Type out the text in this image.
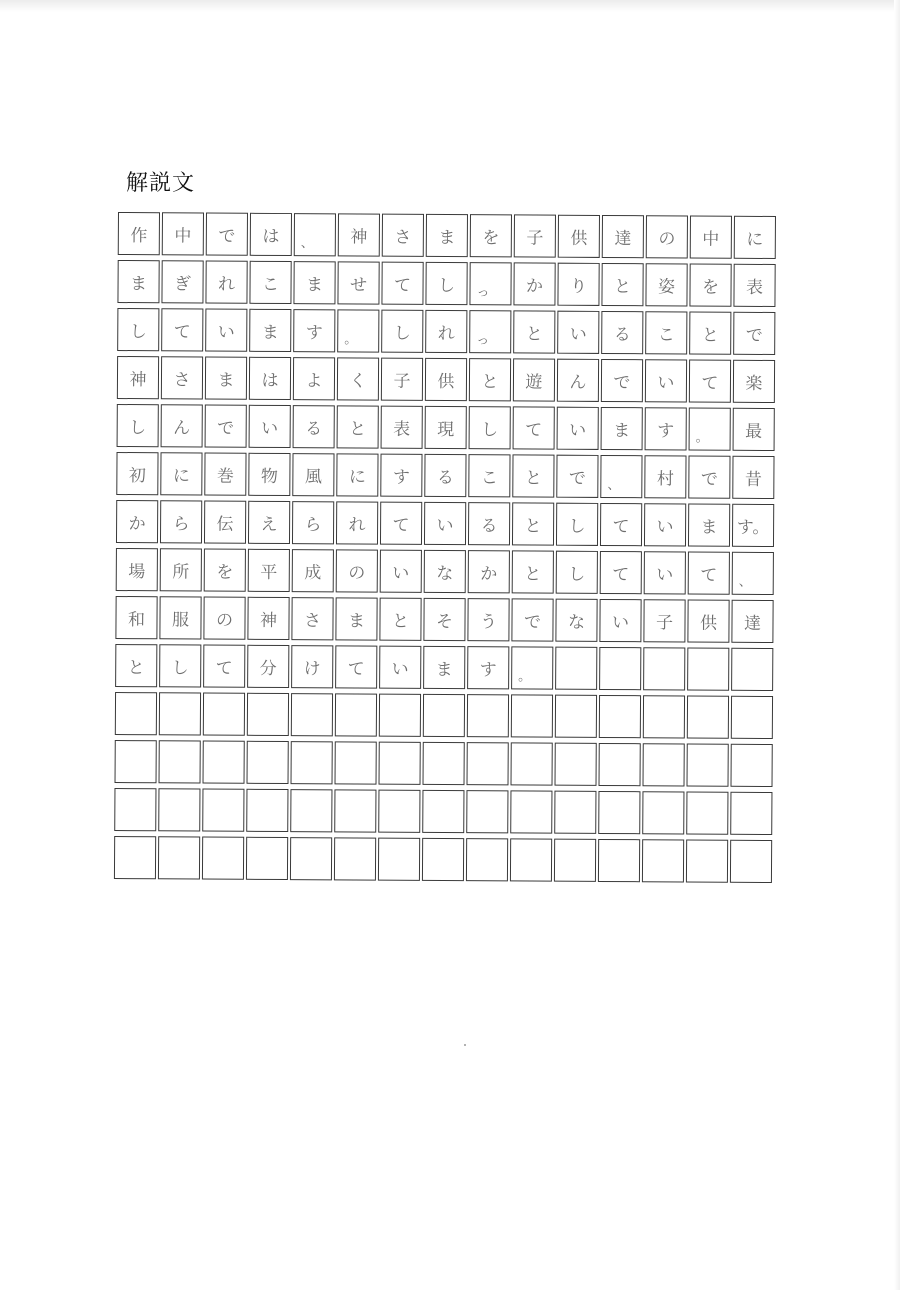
解説文
作	中	で	は	、	神	さ	ま	を	子	供	達	の	中	に
ま	ぎ	れ	こ	ま	せ	て	し	っ	か	り	と	姿	を	表
し	て	い	ま	す	。	し	れ	っ	と	い	る	こ	と	で
神	さ	ま	は	よ	く	子	供	と	遊	ん	で	い	て	楽
し	ん	で	い	る	と	表	現	し	て	い	ま	す	。	最
初	に	巻	物	風	に	す	る	こ	と	で	、	村	で	昔
か	ら	伝	え	ら	れ	て	い	る	と	し	て	い	ま	す。
場	所	を	平	成	の	い	な	か	と	し	て	い	て	、
和	服	の	神	さ	ま	と	そ	う	で	な	い	子	供	達
と	し	て	分	け	て	い	ま	す	。
